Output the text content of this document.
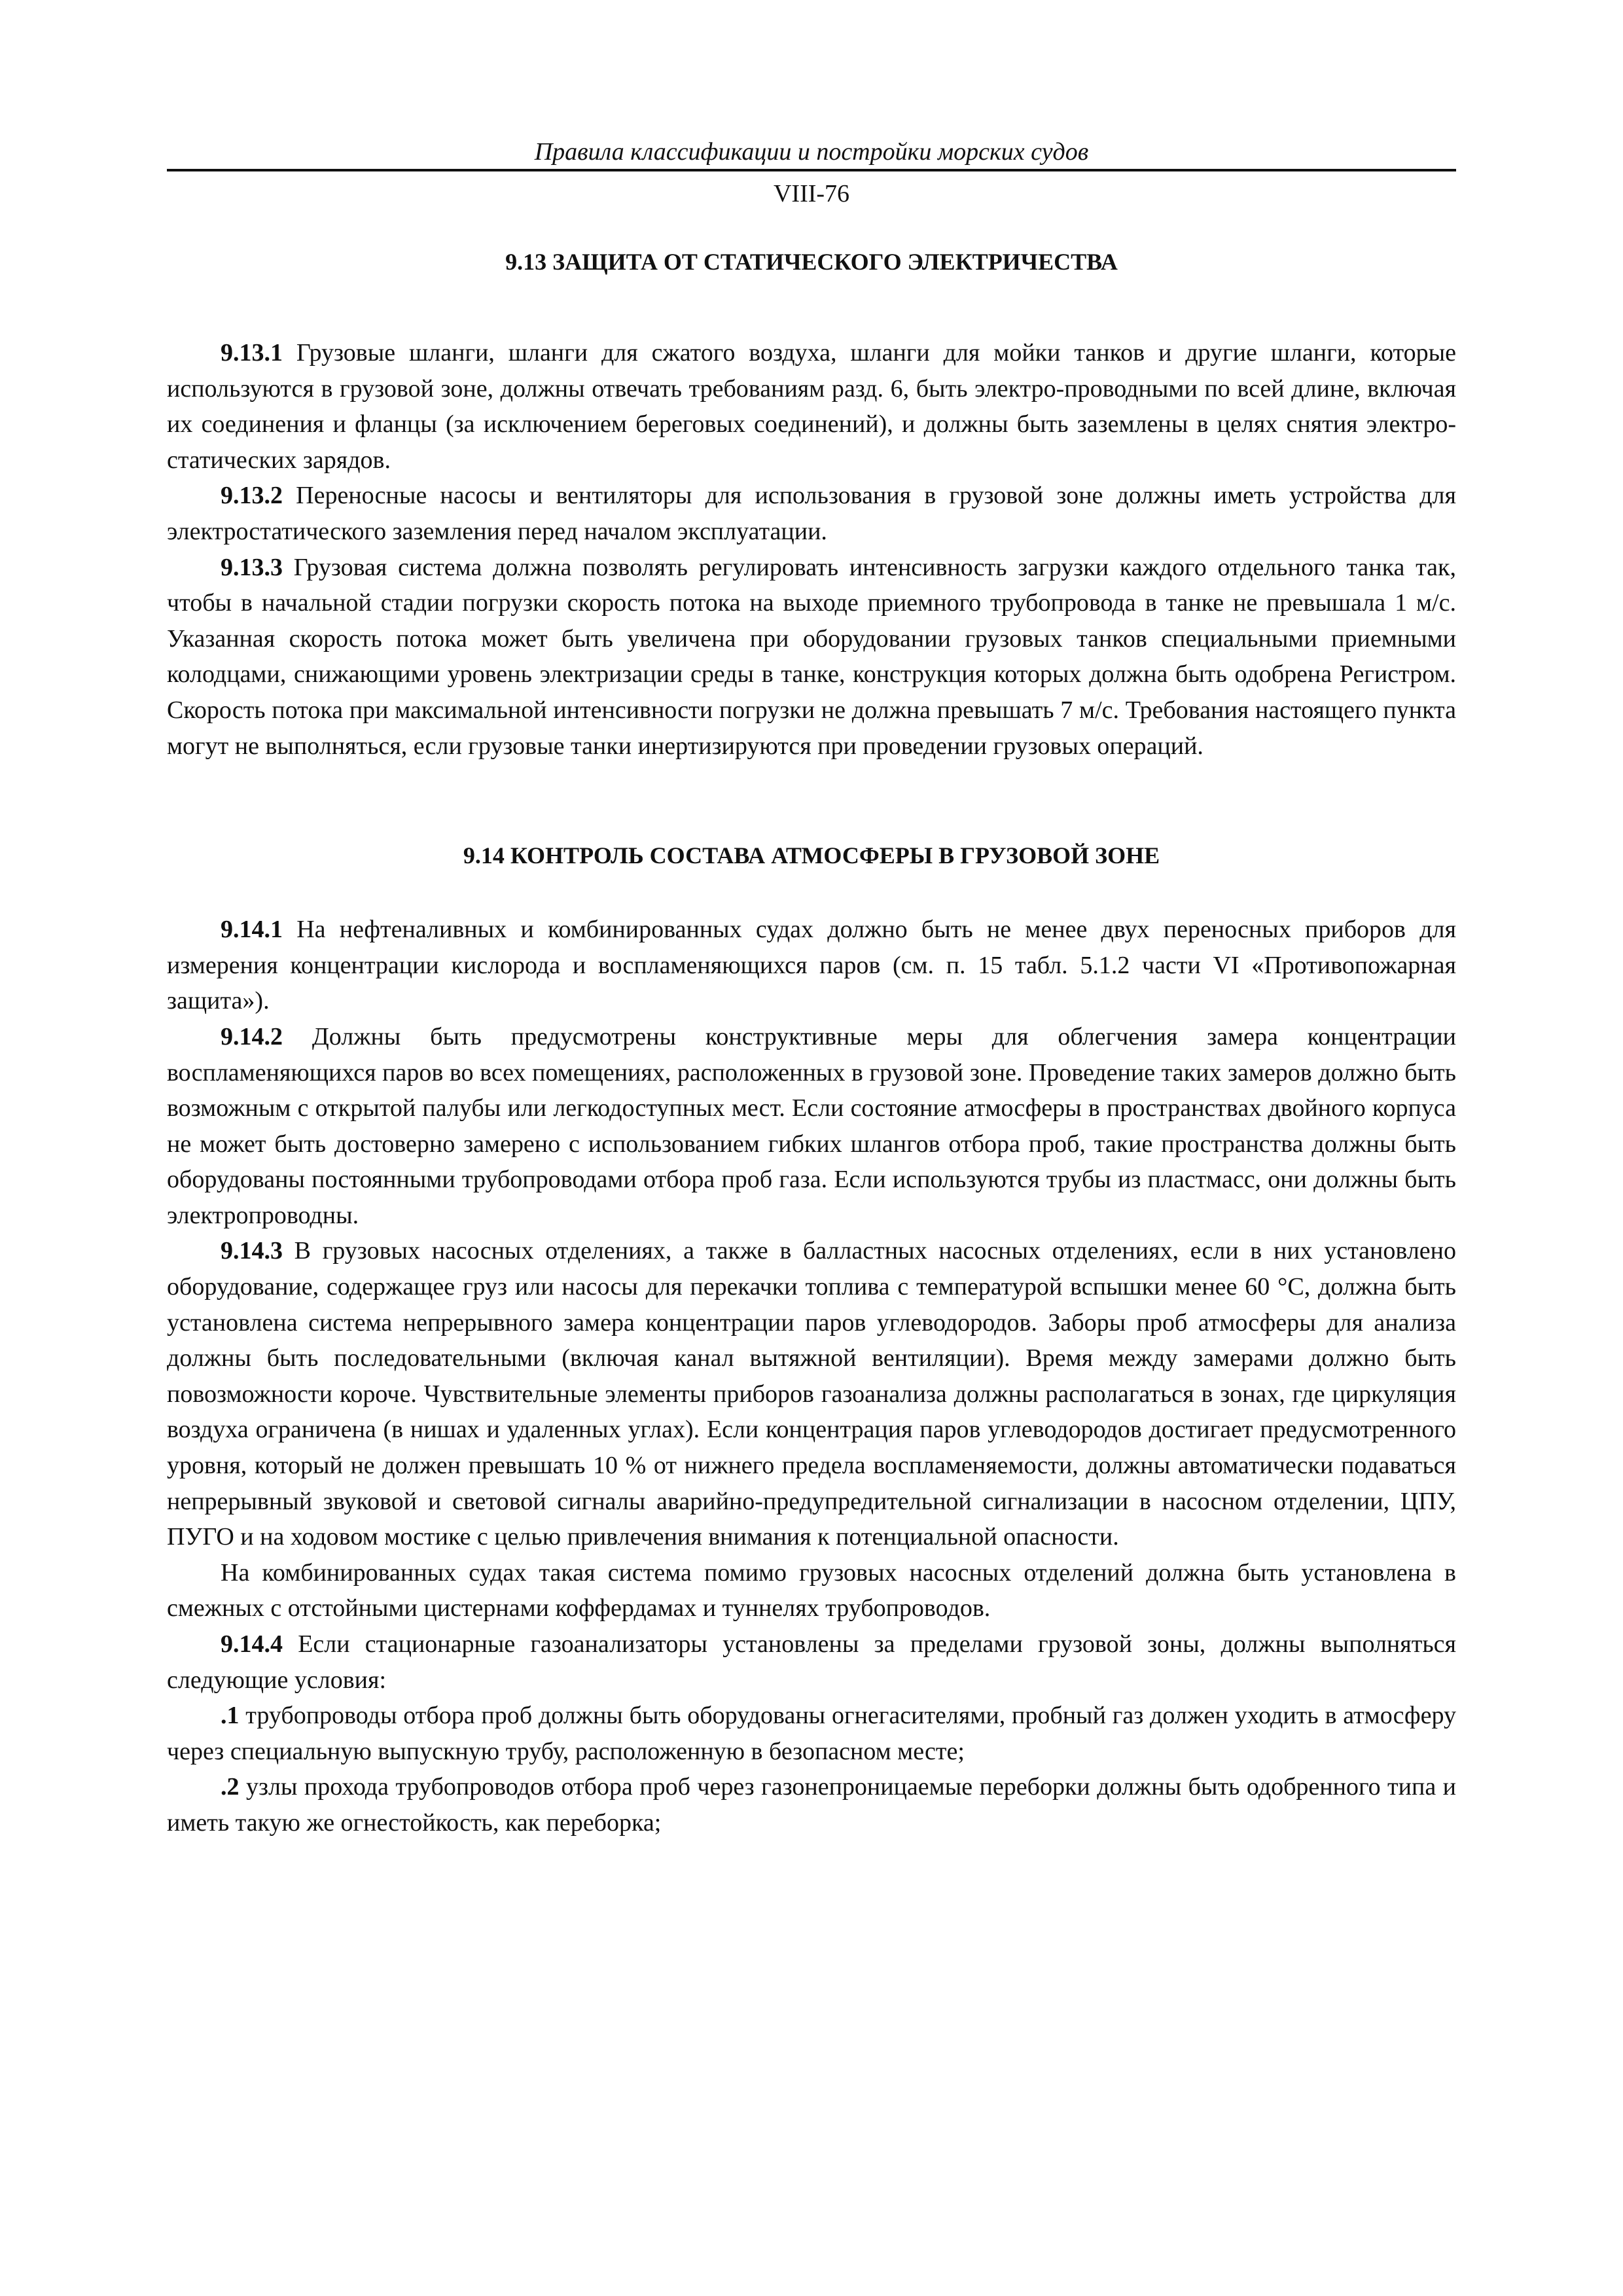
Правила классификации и постройки морских судов
VIII-76
9.13 ЗАЩИТА ОТ СТАТИЧЕСКОГО ЭЛЕКТРИЧЕСТВА

9.13.1 Грузовые шланги, шланги для сжатого воздуха, шланги для мойки танков и другие шланги, которые используются в грузовой зоне, должны отвечать требованиям разд. 6, быть электро-проводными по всей длине, включая их соединения и фланцы (за исключением береговых соединений), и должны быть заземлены в целях снятия электро-статических зарядов.

9.13.2 Переносные насосы и вентиляторы для использования в грузовой зоне должны иметь устройства для электростатического заземления перед началом эксплуатации.

9.13.3 Грузовая система должна позволять регулировать интенсивность загрузки каждого отдельного танка так, чтобы в начальной стадии погрузки скорость потока на выходе приемного трубопровода в танке не превышала 1 м/с. Указанная скорость потока может быть увеличена при оборудовании грузовых танков специальными приемными колодцами, снижающими уровень электризации среды в танке, конструкция которых должна быть одобрена Регистром. Скорость потока при максимальной интенсивности погрузки не должна превышать 7 м/с. Требования настоящего пункта могут не выполняться, если грузовые танки инертизируются при проведении грузовых операций.

9.14 КОНТРОЛЬ СОСТАВА АТМОСФЕРЫ В ГРУЗОВОЙ ЗОНЕ

9.14.1 На нефтеналивных и комбинированных судах должно быть не менее двух переносных приборов для измерения концентрации кислорода и воспламеняющихся паров (см. п. 15 табл. 5.1.2 части VI «Противопожарная защита»).

9.14.2 Должны быть предусмотрены конструктивные меры для облегчения замера концентрации воспламеняющихся паров во всех помещениях, расположенных в грузовой зоне. Проведение таких замеров должно быть возможным с открытой палубы или легкодоступных мест. Если состояние атмосферы в пространствах двойного корпуса не может быть достоверно замерено с использованием гибких шлангов отбора проб, такие пространства должны быть оборудованы постоянными трубопроводами отбора проб газа. Если используются трубы из пластмасс, они должны быть электропроводны.

9.14.3 В грузовых насосных отделениях, а также в балластных насосных отделениях, если в них установлено оборудование, содержащее груз или насосы для перекачки топлива с температурой вспышки менее 60 °С, должна быть установлена система непрерывного замера концентрации паров углеводородов. Заборы проб атмосферы для анализа должны быть последовательными (включая канал вытяжной вентиляции). Время между замерами должно быть повозможности короче. Чувствительные элементы приборов газоанализа должны располагаться в зонах, где циркуляция воздуха ограничена (в нишах и удаленных углах). Если концентрация паров углеводородов достигает предусмотренного уровня, который не должен превышать 10 % от нижнего предела воспламеняемости, должны автоматически подаваться непрерывный звуковой и световой сигналы аварийно-предупредительной сигнализации в насосном отделении, ЦПУ, ПУГО и на ходовом мостике с целью привлечения внимания к потенциальной опасности.

На комбинированных судах такая система помимо грузовых насосных отделений должна быть установлена в смежных с отстойными цистернами коффердамах и туннелях трубопроводов.

9.14.4 Если стационарные газоанализаторы установлены за пределами грузовой зоны, должны выполняться следующие условия:

.1 трубопроводы отбора проб должны быть оборудованы огнегасителями, пробный газ должен уходить в атмосферу через специальную выпускную трубу, расположенную в безопасном месте;

.2 узлы прохода трубопроводов отбора проб через газонепроницаемые переборки должны быть одобренного типа и иметь такую же огнестойкость, как переборка;
